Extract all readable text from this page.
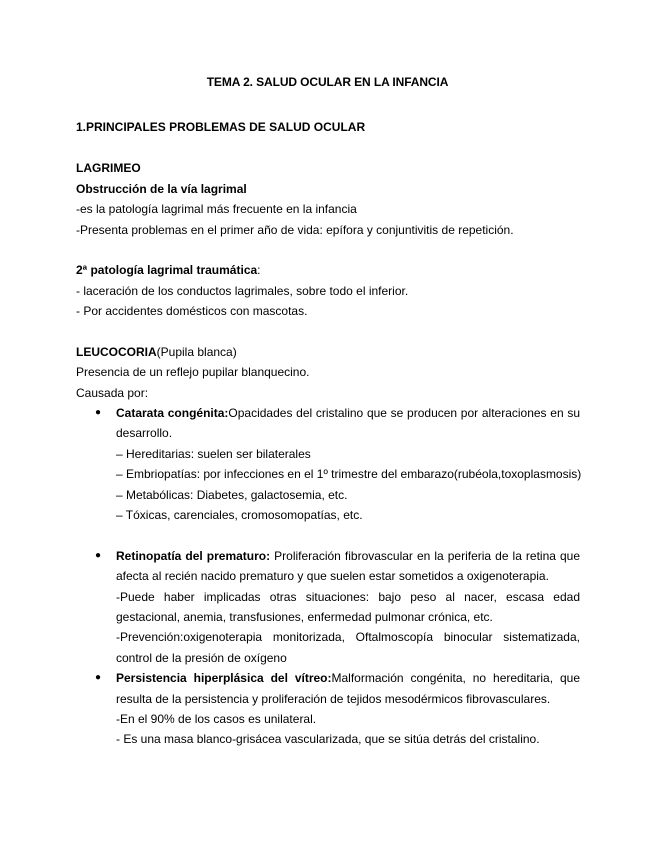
TEMA 2. SALUD OCULAR EN LA INFANCIA
1.PRINCIPALES PROBLEMAS DE SALUD OCULAR
LAGRIMEO
Obstrucción de la vía lagrimal
-es la patología lagrimal más frecuente en la infancia
-Presenta problemas en el primer año de vida: epífora y conjuntivitis de repetición.
2ª patología lagrimal traumática:
- laceración de los conductos lagrimales, sobre todo el inferior.
- Por accidentes domésticos con mascotas.
LEUCOCORIA(Pupila blanca)
Presencia de un reflejo pupilar blanquecino.
Causada por:
● Catarata congénita:Opacidades del cristalino que se producen por alteraciones en su
desarrollo.
– Hereditarias: suelen ser bilaterales
– Embriopatías: por infecciones en el 1º trimestre del embarazo(rubéola,toxoplasmosis)
– Metabólicas: Diabetes, galactosemia, etc.
– Tóxicas, carenciales, cromosomopatías, etc.
● Retinopatía del prematuro: Proliferación fibrovascular en la periferia de la retina que
afecta al recién nacido prematuro y que suelen estar sometidos a oxigenoterapia.
-Puede haber implicadas otras situaciones: bajo peso al nacer, escasa edad
gestacional, anemia, transfusiones, enfermedad pulmonar crónica, etc.
-Prevención:oxigenoterapia monitorizada, Oftalmoscopía binocular sistematizada,
control de la presión de oxígeno
● Persistencia hiperplásica del vítreo:Malformación congénita, no hereditaria, que
resulta de la persistencia y proliferación de tejidos mesodérmicos fibrovasculares.
-En el 90% de los casos es unilateral.
- Es una masa blanco-grisácea vascularizada, que se sitúa detrás del cristalino.
